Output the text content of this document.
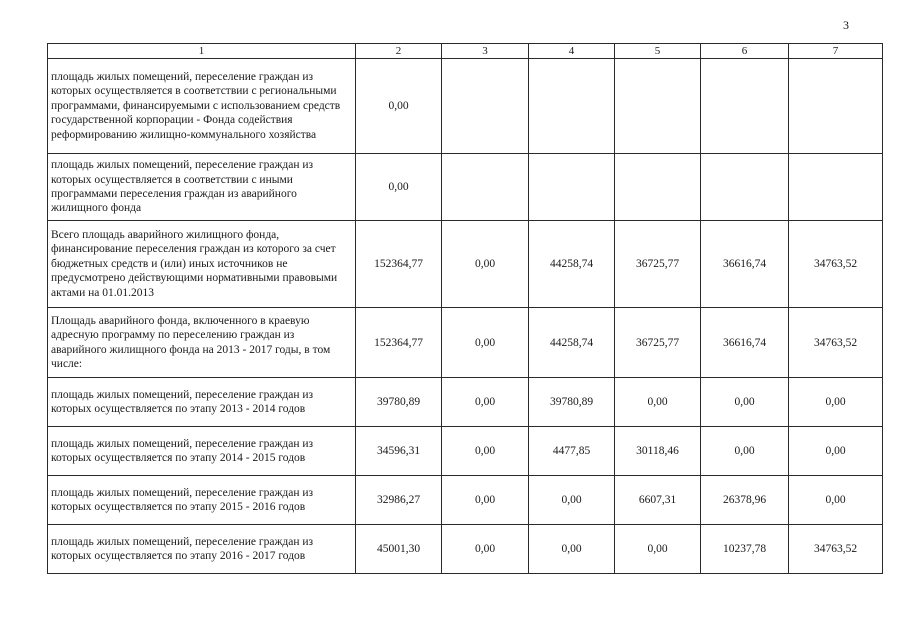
3
1	2	3	4	5	6	7
площадь жилых помещений, переселение граждан из которых осуществляется в соответствии с региональными программами, финансируемыми с использованием средств государственной корпорации - Фонда содействия реформированию жилищно-коммунального хозяйства	0,00					
площадь жилых помещений, переселение граждан из которых осуществляется в соответствии с иными программами переселения граждан из аварийного жилищного фонда	0,00					
Всего площадь аварийного жилищного фонда, финансирование переселения граждан из которого за счет бюджетных средств и (или) иных источников не предусмотрено действующими нормативными правовыми актами на 01.01.2013	152364,77	0,00	44258,74	36725,77	36616,74	34763,52
Площадь аварийного фонда, включенного в краевую адресную программу по переселению граждан из аварийного жилищного фонда на 2013 - 2017 годы, в том числе:	152364,77	0,00	44258,74	36725,77	36616,74	34763,52
площадь жилых помещений, переселение граждан из которых осуществляется по этапу 2013 - 2014 годов	39780,89	0,00	39780,89	0,00	0,00	0,00
площадь жилых помещений, переселение граждан из которых осуществляется по этапу 2014 - 2015 годов	34596,31	0,00	4477,85	30118,46	0,00	0,00
площадь жилых помещений, переселение граждан из которых осуществляется по этапу 2015 - 2016 годов	32986,27	0,00	0,00	6607,31	26378,96	0,00
площадь жилых помещений, переселение граждан из которых осуществляется по этапу 2016 - 2017 годов	45001,30	0,00	0,00	0,00	10237,78	34763,52
